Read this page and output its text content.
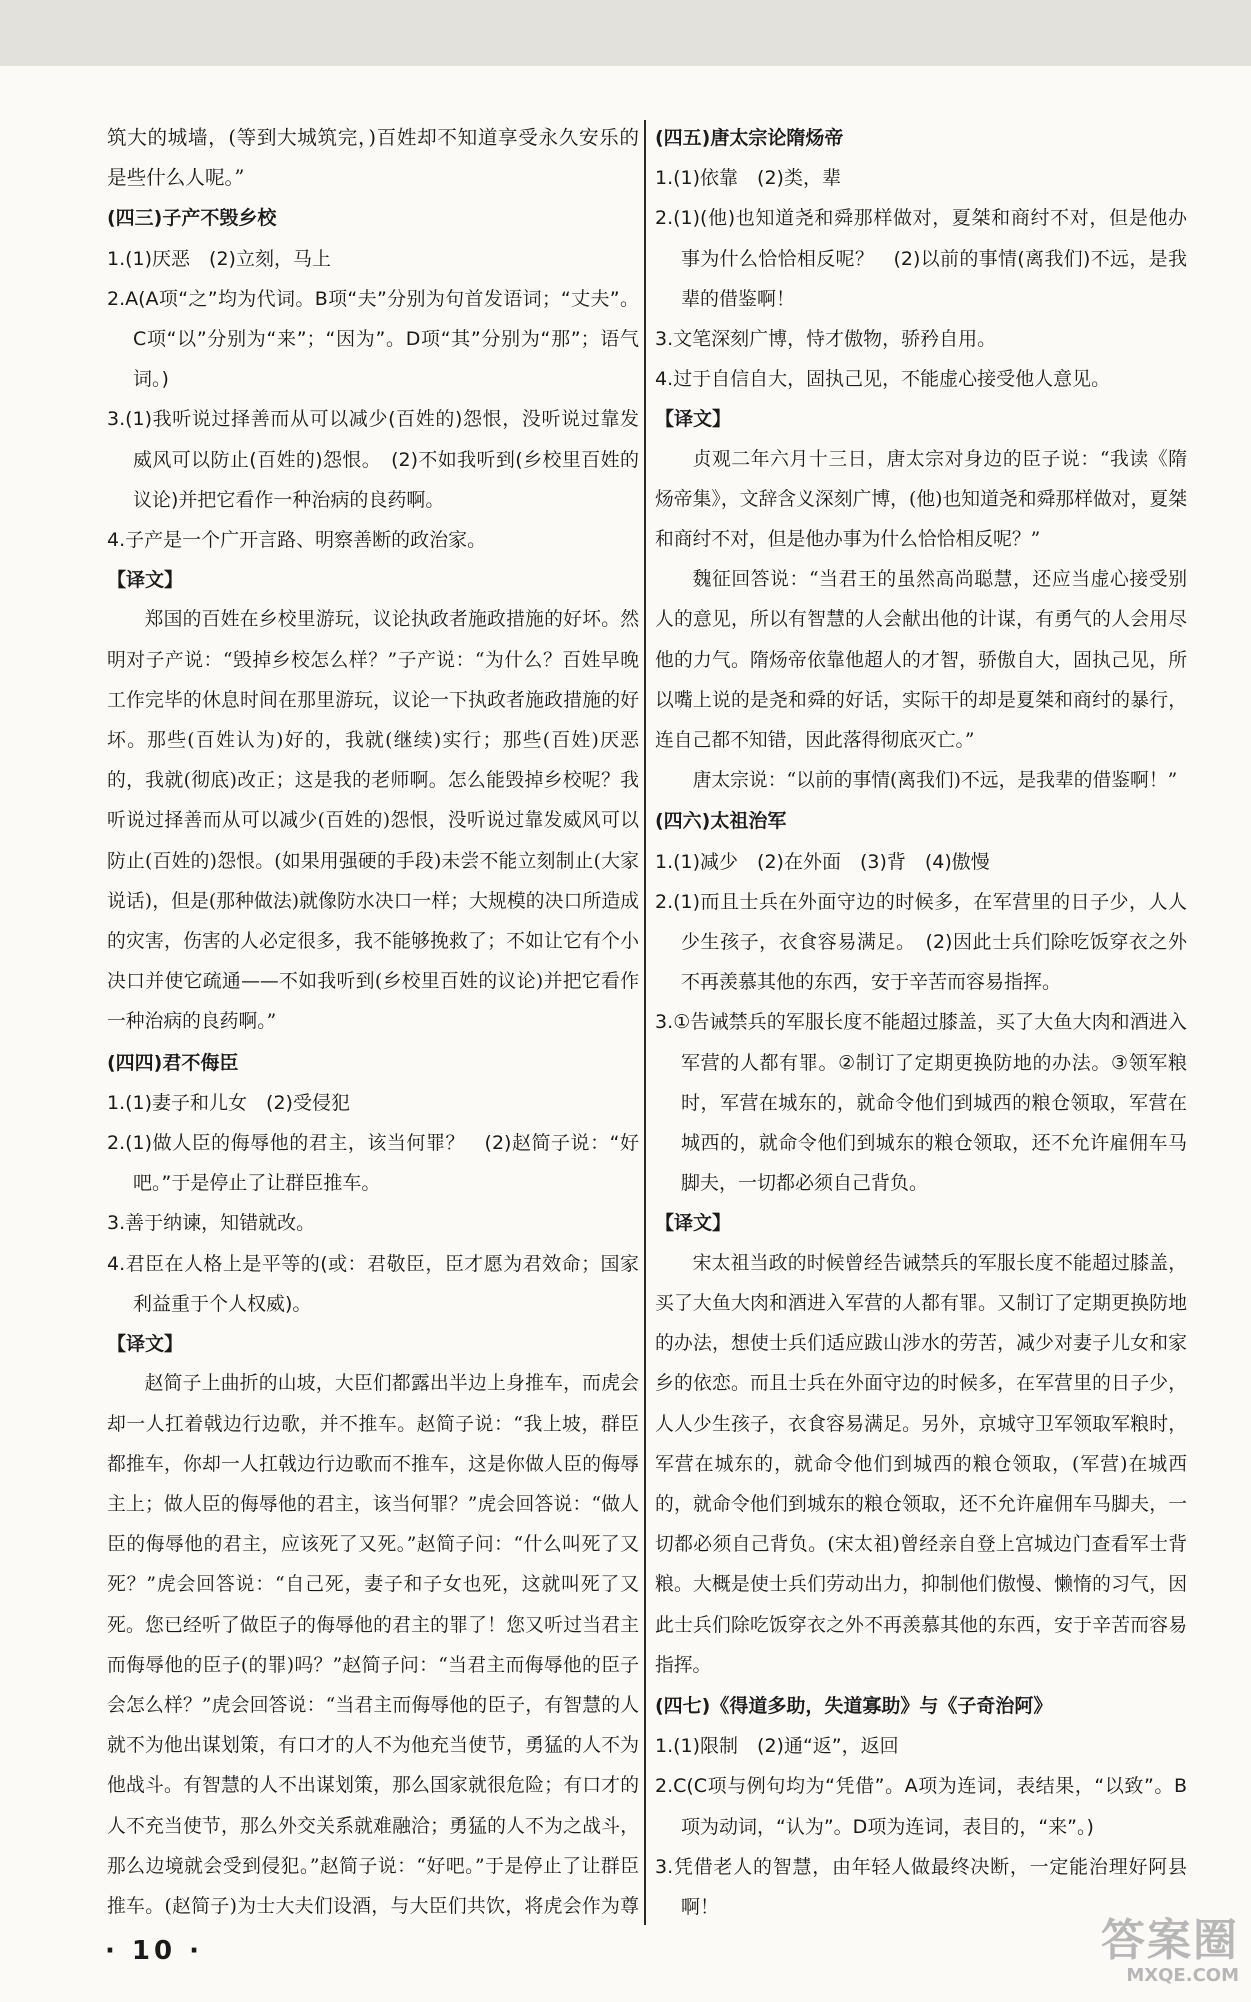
筑大的城墙，(等到大城筑完，)百姓却不知道享受永久安乐的是些什么人呢。”

(四三)子产不毁乡校

1.(1)厌恶　(2)立刻，马上

2.A(A项“之”均为代词。B项“夫”分别为句首发语词；“丈夫”。C项“以”分别为“来”；“因为”。D项“其”分别为“那”；语气词。)

3.(1)我听说过择善而从可以减少(百姓的)怨恨，没听说过靠发威风可以防止(百姓的)怨恨。　(2)不如我听到(乡校里百姓的议论)并把它看作一种治病的良药啊。

4.子产是一个广开言路、明察善断的政治家。

【译文】

郑国的百姓在乡校里游玩，议论执政者施政措施的好坏。然明对子产说：“毁掉乡校怎么样？”子产说：“为什么？百姓早晚工作完毕的休息时间在那里游玩，议论一下执政者施政措施的好坏。那些(百姓认为)好的，我就(继续)实行；那些(百姓)厌恶的，我就(彻底)改正；这是我的老师啊。怎么能毁掉乡校呢？我听说过择善而从可以减少(百姓的)怨恨，没听说过靠发威风可以防止(百姓的)怨恨。(如果用强硬的手段)未尝不能立刻制止(大家说话)，但是(那种做法)就像防水决口一样；大规模的决口所造成的灾害，伤害的人必定很多，我不能够挽救了；不如让它有个小决口并使它疏通——不如我听到(乡校里百姓的议论)并把它看作一种治病的良药啊。”

(四四)君不侮臣

1.(1)妻子和儿女　(2)受侵犯

2.(1)做人臣的侮辱他的君主，该当何罪？　(2)赵简子说：“好吧。”于是停止了让群臣推车。

3.善于纳谏，知错就改。

4.君臣在人格上是平等的(或：君敬臣，臣才愿为君效命；国家利益重于个人权威)。

【译文】

赵简子上曲折的山坡，大臣们都露出半边上身推车，而虎会却一人扛着戟边行边歌，并不推车。赵简子说：“我上坡，群臣都推车，你却一人扛戟边行边歌而不推车，这是你做人臣的侮辱主上；做人臣的侮辱他的君主，该当何罪？”虎会回答说：“做人臣的侮辱他的君主，应该死了又死。”赵简子问：“什么叫死了又死？”虎会回答说：“自己死，妻子和子女也死，这就叫死了又死。您已经听了做臣子的侮辱他的君主的罪了！您又听过当君主而侮辱他的臣子(的罪)吗？”赵简子问：“当君主而侮辱他的臣子会怎么样？”虎会回答说：“当君主而侮辱他的臣子，有智慧的人就不为他出谋划策，有口才的人不为他充当使节，勇猛的人不为他战斗。有智慧的人不出谋划策，那么国家就很危险；有口才的人不充当使节，那么外交关系就难融洽；勇猛的人不为之战斗，那么边境就会受到侵犯。”赵简子说：“好吧。”于是停止了让群臣推车。(赵简子)为士大夫们设酒，与大臣们共饮，将虎会作为尊

(四五)唐太宗论隋炀帝

1.(1)依靠　(2)类，辈

2.(1)(他)也知道尧和舜那样做对，夏桀和商纣不对，但是他办事为什么恰恰相反呢？　(2)以前的事情(离我们)不远，是我辈的借鉴啊！

3.文笔深刻广博，恃才傲物，骄矜自用。

4.过于自信自大，固执己见，不能虚心接受他人意见。

【译文】

贞观二年六月十三日，唐太宗对身边的臣子说：“我读《隋炀帝集》，文辞含义深刻广博，(他)也知道尧和舜那样做对，夏桀和商纣不对，但是他办事为什么恰恰相反呢？”

魏征回答说：“当君王的虽然高尚聪慧，还应当虚心接受别人的意见，所以有智慧的人会献出他的计谋，有勇气的人会用尽他的力气。隋炀帝依靠他超人的才智，骄傲自大，固执己见，所以嘴上说的是尧和舜的好话，实际干的却是夏桀和商纣的暴行，连自己都不知错，因此落得彻底灭亡。”

唐太宗说：“以前的事情(离我们)不远，是我辈的借鉴啊！”

(四六)太祖治军

1.(1)减少　(2)在外面　(3)背　(4)傲慢

2.(1)而且士兵在外面守边的时候多，在军营里的日子少，人人少生孩子，衣食容易满足。　(2)因此士兵们除吃饭穿衣之外不再羡慕其他的东西，安于辛苦而容易指挥。

3.①告诫禁兵的军服长度不能超过膝盖，买了大鱼大肉和酒进入军营的人都有罪。②制订了定期更换防地的办法。③领军粮时，军营在城东的，就命令他们到城西的粮仓领取，军营在城西的，就命令他们到城东的粮仓领取，还不允许雇佣车马脚夫，一切都必须自己背负。

【译文】

宋太祖当政的时候曾经告诫禁兵的军服长度不能超过膝盖，买了大鱼大肉和酒进入军营的人都有罪。又制订了定期更换防地的办法，想使士兵们适应跋山涉水的劳苦，减少对妻子儿女和家乡的依恋。而且士兵在外面守边的时候多，在军营里的日子少，人人少生孩子，衣食容易满足。另外，京城守卫军领取军粮时，军营在城东的，就命令他们到城西的粮仓领取，(军营)在城西的，就命令他们到城东的粮仓领取，还不允许雇佣车马脚夫，一切都必须自己背负。(宋太祖)曾经亲自登上宫城边门查看军士背粮。大概是使士兵们劳动出力，抑制他们傲慢、懒惰的习气，因此士兵们除吃饭穿衣之外不再羡慕其他的东西，安于辛苦而容易指挥。

(四七)《得道多助，失道寡助》与《子奇治阿》

1.(1)限制　(2)通“返”，返回

2.C(C项与例句均为“凭借”。A项为连词，表结果，“以致”。B项为动词，“认为”。D项为连词，表目的，“来”。)

3.凭借老人的智慧，由年轻人做最终决断，一定能治理好阿县啊！

· 10 ·	答案圈
MXQE.COM
